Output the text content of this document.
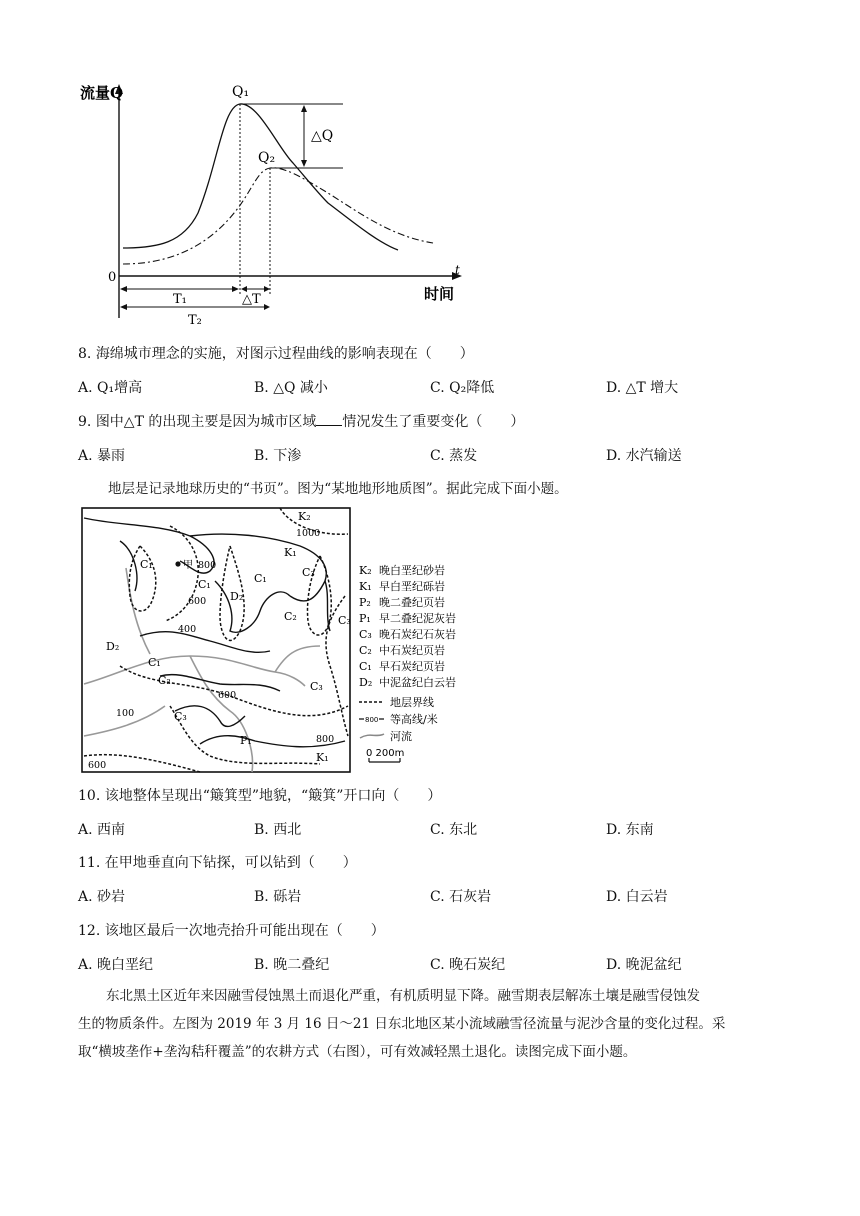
流量Q
t
时间
0
Q₁
Q₂
△Q
T₁	△T
T₂
8. 海绵城市理念的实施，对图示过程曲线的影响表现在（　　）
A. Q₁增高	B. △Q 减小	C. Q₂降低	D. △T 增大
9. 图中△T 的出现主要是因为城市区域 情况发生了重要变化（　　）
A. 暴雨	B. 下渗	C. 蒸发	D. 水汽输送
地层是记录地球历史的“书页”。图为“某地地形地质图”。据此完成下面小题。
甲
K₂
K₁
K₁
C₁
C₁	C₁
C₁
C₂
C₂
C₃
C₃
C₃
C₃
D₂
D₂
P₁
1000
800
800
600
600
600
400
100
K₂ 晚白垩纪砂岩
K₁ 早白垩纪砾岩
P₂ 晚二叠纪页岩
P₁ 早二叠纪泥灰岩
C₃ 晚石炭纪石灰岩
C₂ 中石炭纪页岩
C₁ 早石炭纪页岩
D₂ 中泥盆纪白云岩
地层界线
800 等高线/米
河流
0 200m
10. 该地整体呈现出“簸箕型”地貌，“簸箕”开口向（　　）
A. 西南	B. 西北	C. 东北	D. 东南
11. 在甲地垂直向下钻探，可以钻到（　　）
A. 砂岩	B. 砾岩	C. 石灰岩	D. 白云岩
12. 该地区最后一次地壳抬升可能出现在（　　）
A. 晚白垩纪	B. 晚二叠纪	C. 晚石炭纪	D. 晚泥盆纪
东北黑土区近年来因融雪侵蚀黑土而退化严重，有机质明显下降。融雪期表层解冻土壤是融雪侵蚀发
生的物质条件。左图为 2019 年 3 月 16 日～21 日东北地区某小流域融雪径流量与泥沙含量的变化过程。采
取“横坡垄作+垄沟秸秆覆盖”的农耕方式（右图），可有效减轻黑土退化。读图完成下面小题。
